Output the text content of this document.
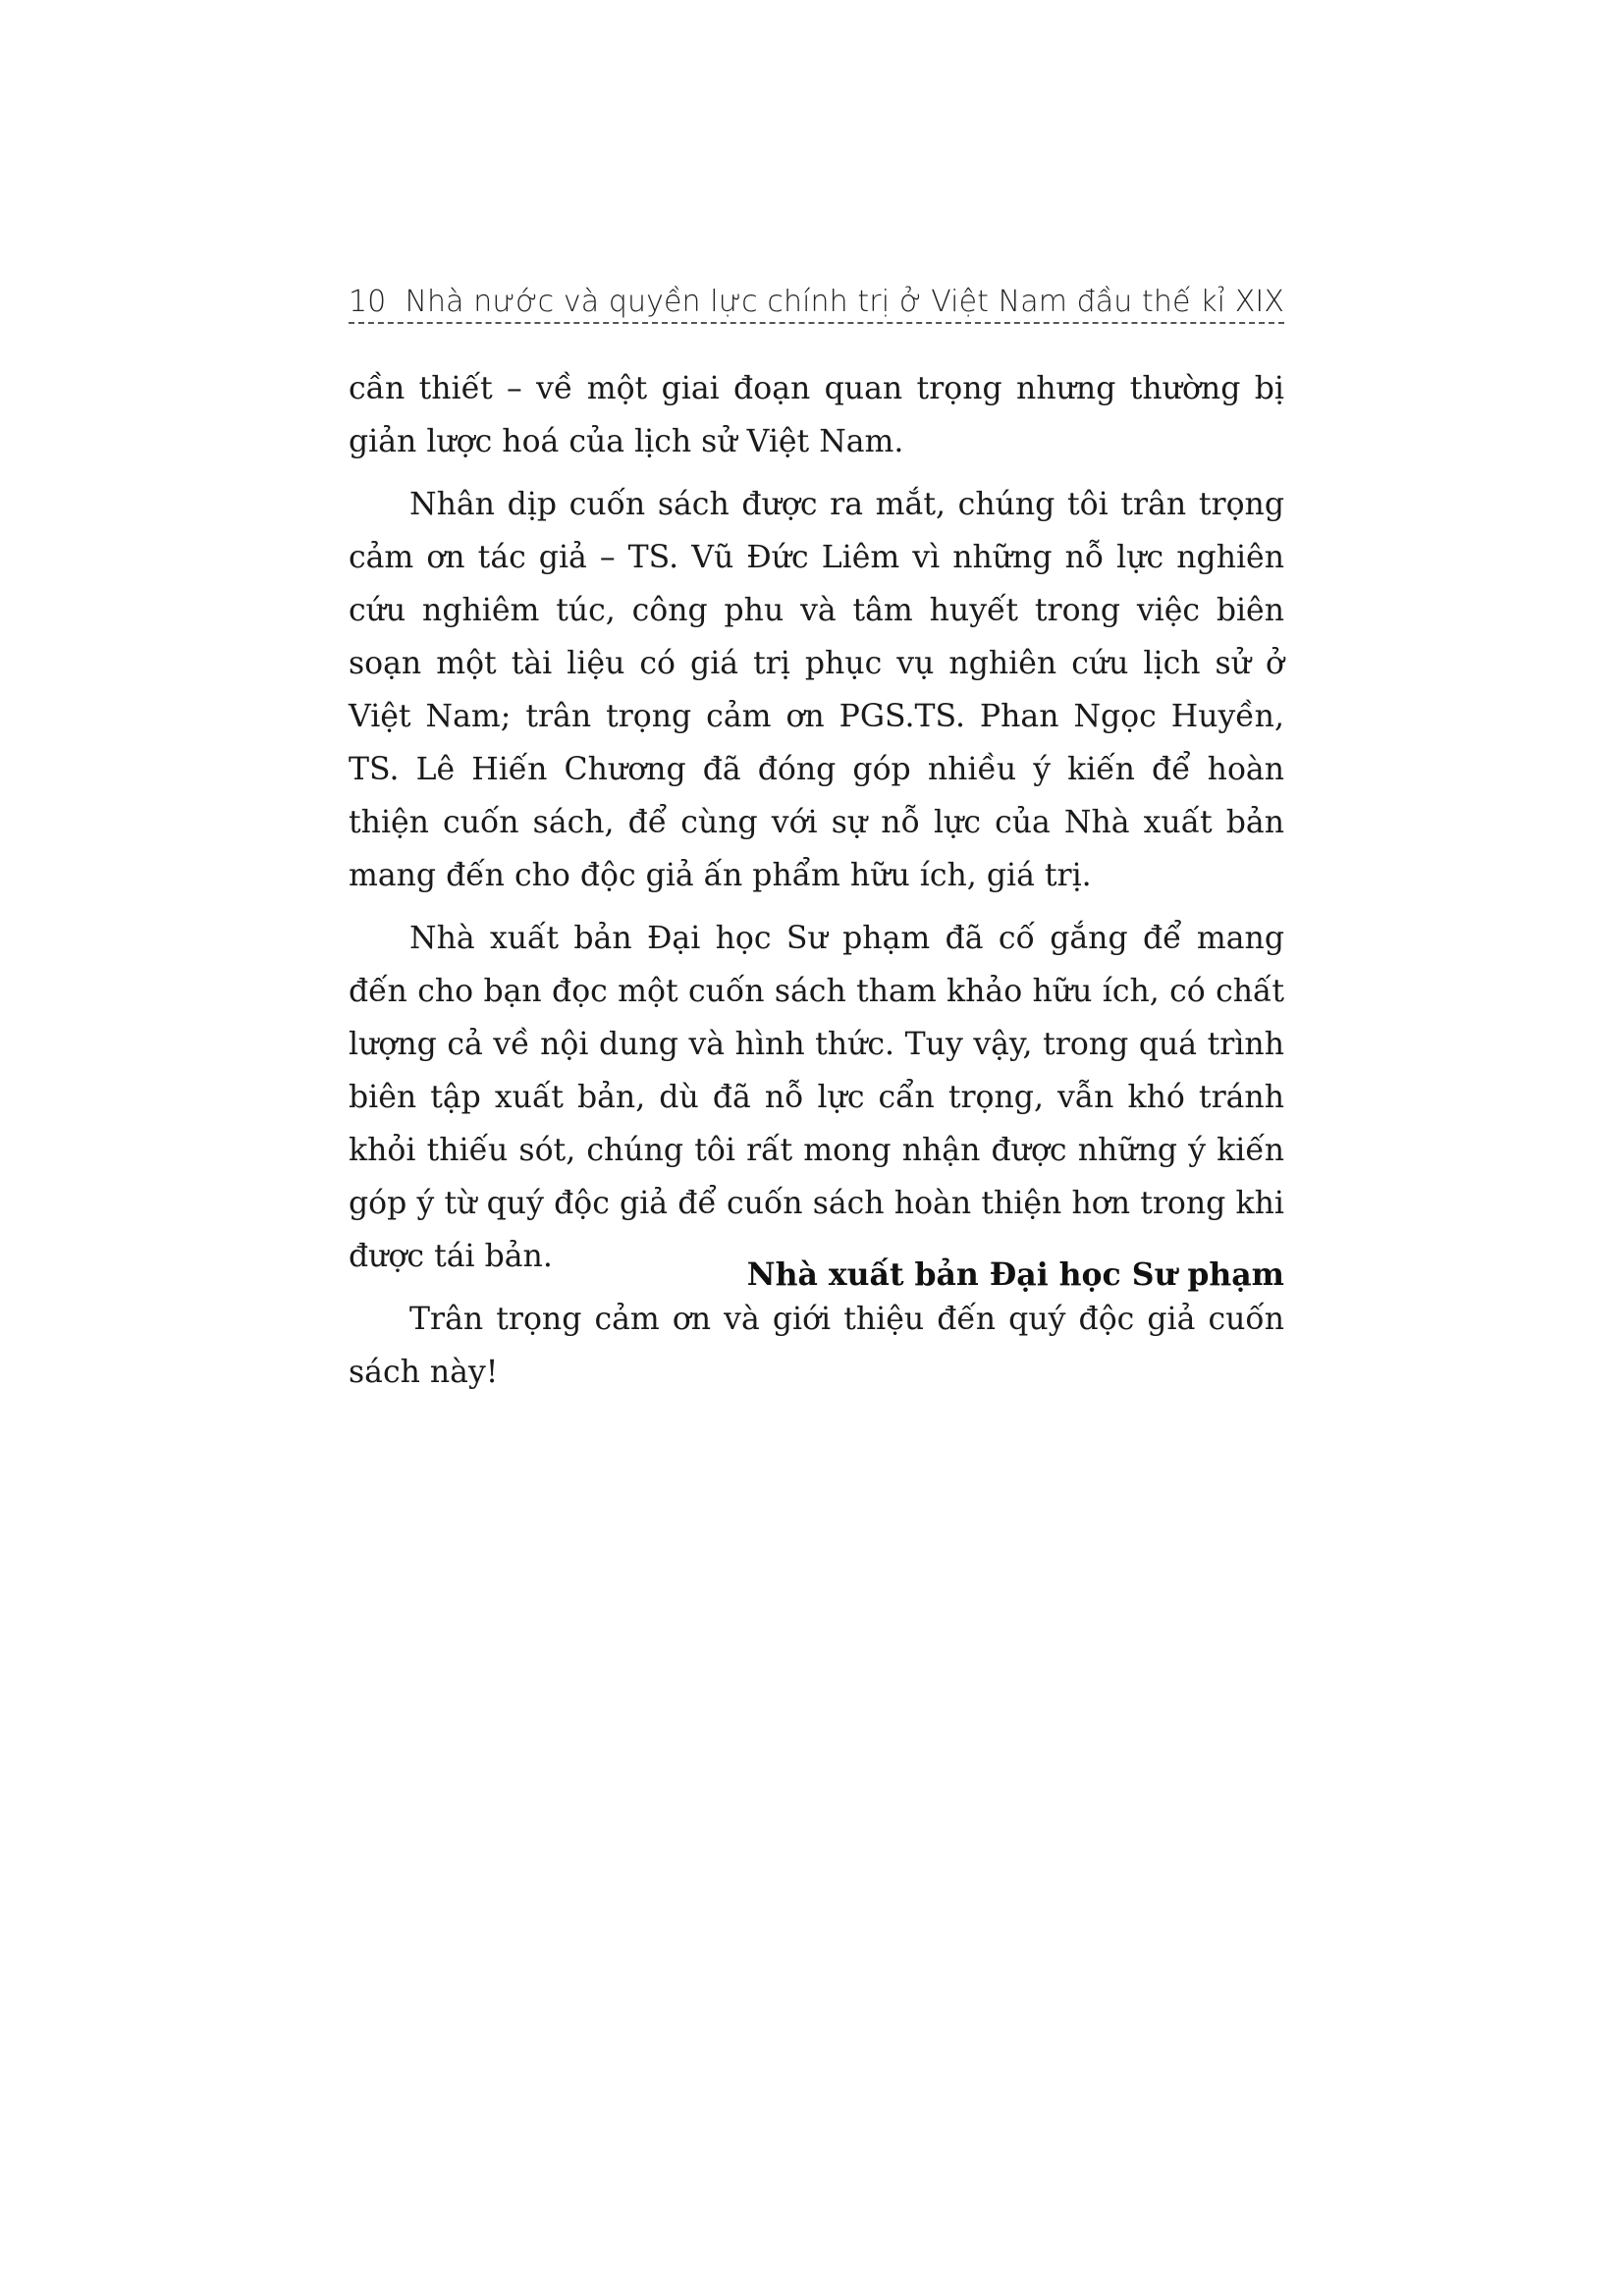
10 Nhà nước và quyền lực chính trị ở Việt Nam đầu thế kỉ XIX

cần thiết – về một giai đoạn quan trọng nhưng thường bị giản lược hoá của lịch sử Việt Nam.

Nhân dịp cuốn sách được ra mắt, chúng tôi trân trọng cảm ơn tác giả – TS. Vũ Đức Liêm vì những nỗ lực nghiên cứu nghiêm túc, công phu và tâm huyết trong việc biên soạn một tài liệu có giá trị phục vụ nghiên cứu lịch sử ở Việt Nam; trân trọng cảm ơn PGS.TS. Phan Ngọc Huyền, TS. Lê Hiến Chương đã đóng góp nhiều ý kiến để hoàn thiện cuốn sách, để cùng với sự nỗ lực của Nhà xuất bản mang đến cho độc giả ấn phẩm hữu ích, giá trị.

Nhà xuất bản Đại học Sư phạm đã cố gắng để mang đến cho bạn đọc một cuốn sách tham khảo hữu ích, có chất lượng cả về nội dung và hình thức. Tuy vậy, trong quá trình biên tập xuất bản, dù đã nỗ lực cẩn trọng, vẫn khó tránh khỏi thiếu sót, chúng tôi rất mong nhận được những ý kiến góp ý từ quý độc giả để cuốn sách hoàn thiện hơn trong khi được tái bản.

Trân trọng cảm ơn và giới thiệu đến quý độc giả cuốn sách này!

Nhà xuất bản Đại học Sư phạm
